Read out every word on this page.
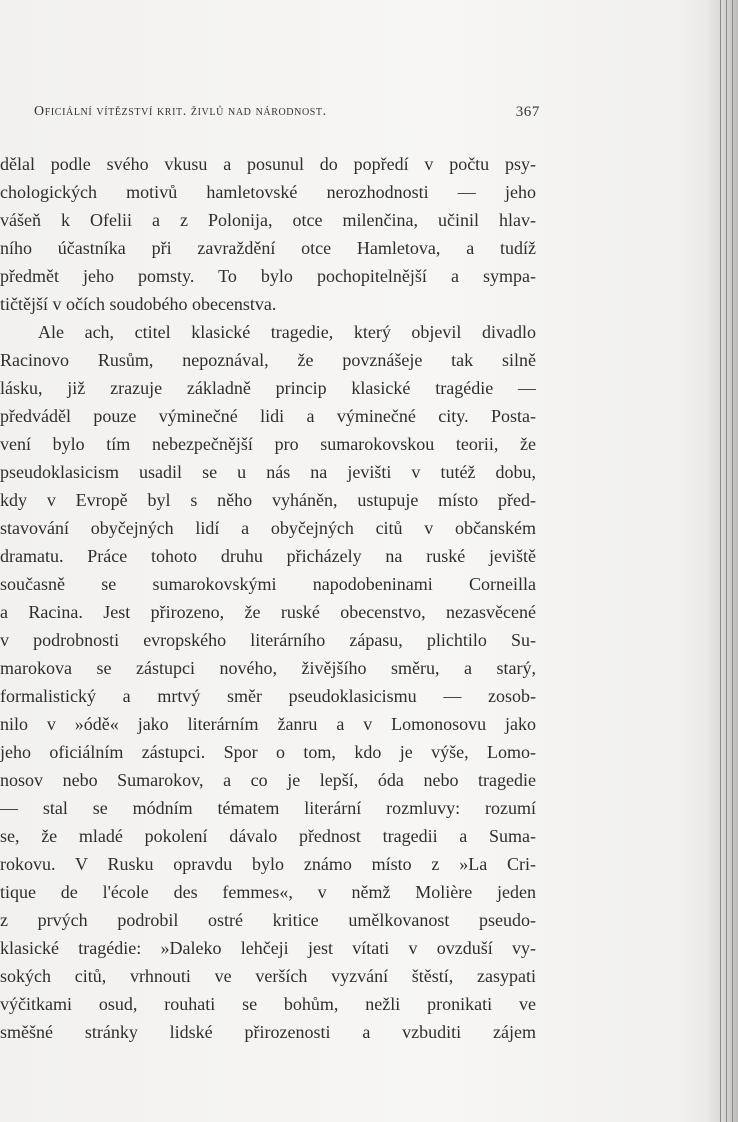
Oficiální vítězství krit. živlů nad národnost.	367
dělal podle svého vkusu a posunul do popředí v počtu psy-
chologických motivů hamletovské nerozhodnosti — jeho
vášeň k Ofelii a z Polonija, otce milenčina, učinil hlav-
ního účastníka při zavraždění otce Hamletova, a tudíž
předmět jeho pomsty. To bylo pochopitelnější a sympa-
tičtější v očích soudobého obecenstva.
Ale ach, ctitel klasické tragedie, který objevil divadlo
Racinovo Rusům, nepoznával, že povznášeje tak silně
lásku, již zrazuje základně princip klasické tragédie —
předváděl pouze výminečné lidi a výminečné city. Posta-
vení bylo tím nebezpečnější pro sumarokovskou teorii, že
pseudoklasicism usadil se u nás na jevišti v tutéž dobu,
kdy v Evropě byl s něho vyháněn, ustupuje místo před-
stavování obyčejných lidí a obyčejných citů v občanském
dramatu. Práce tohoto druhu přicházely na ruské jeviště
současně se sumarokovskými napodobeninami Corneilla
a Racina. Jest přirozeno, že ruské obecenstvo, nezasvěcené
v podrobnosti evropského literárního zápasu, plichtilo Su-
marokova se zástupci nového, živějšího směru, a starý,
formalistický a mrtvý směr pseudoklasicismu — zosob-
nilo v »ódě« jako literárním žanru a v Lomonosovu jako
jeho oficiálním zástupci. Spor o tom, kdo je výše, Lomo-
nosov nebo Sumarokov, a co je lepší, óda nebo tragedie
— stal se módním tématem literární rozmluvy: rozumí
se, že mladé pokolení dávalo přednost tragedii a Suma-
rokovu. V Rusku opravdu bylo známo místo z »La Cri-
tique de l'école des femmes«, v němž Molière jeden
z prvých podrobil ostré kritice umělkovanost pseudo-
klasické tragédie: »Daleko lehčeji jest vítati v ovzduší vy-
sokých citů, vrhnouti ve verších vyzvání štěstí, zasypati
výčitkami osud, rouhati se bohům, nežli pronikati ve
směšné stránky lidské přirozenosti a vzbuditi zájem
